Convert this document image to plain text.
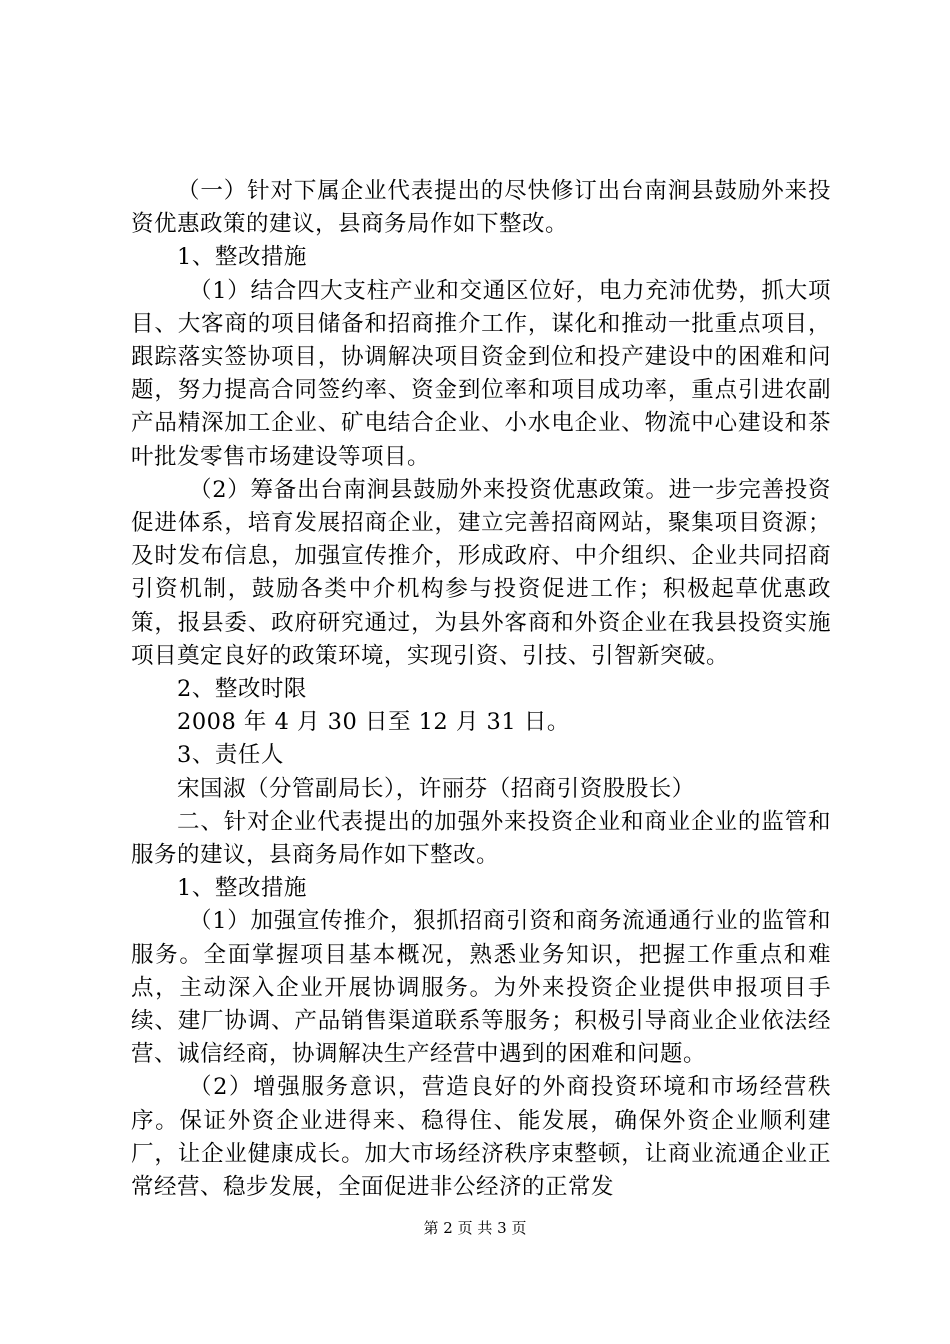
（一）针对下属企业代表提出的尽快修订出台南涧县鼓励外来投资优惠政策的建议，县商务局作如下整改。

1、整改措施

（1）结合四大支柱产业和交通区位好，电力充沛优势，抓大项目、大客商的项目储备和招商推介工作，谋化和推动一批重点项目，跟踪落实签协项目，协调解决项目资金到位和投产建设中的困难和问题，努力提高合同签约率、资金到位率和项目成功率，重点引进农副产品精深加工企业、矿电结合企业、小水电企业、物流中心建设和茶叶批发零售市场建设等项目。

（2）筹备出台南涧县鼓励外来投资优惠政策。进一步完善投资促进体系，培育发展招商企业，建立完善招商网站，聚集项目资源；及时发布信息，加强宣传推介，形成政府、中介组织、企业共同招商引资机制，鼓励各类中介机构参与投资促进工作；积极起草优惠政策，报县委、政府研究通过，为县外客商和外资企业在我县投资实施项目奠定良好的政策环境，实现引资、引技、引智新突破。

2、整改时限

2008 年 4 月 30 日至 12 月 31 日。

3、责任人

宋国淑（分管副局长），许丽芬（招商引资股股长）

二、针对企业代表提出的加强外来投资企业和商业企业的监管和服务的建议，县商务局作如下整改。

1、整改措施

（1）加强宣传推介，狠抓招商引资和商务流通通行业的监管和服务。全面掌握项目基本概况，熟悉业务知识，把握工作重点和难点，主动深入企业开展协调服务。为外来投资企业提供申报项目手续、建厂协调、产品销售渠道联系等服务；积极引导商业企业依法经营、诚信经商，协调解决生产经营中遇到的困难和问题。

（2）增强服务意识，营造良好的外商投资环境和市场经营秩序。保证外资企业进得来、稳得住、能发展，确保外资企业顺利建厂，让企业健康成长。加大市场经济秩序束整顿，让商业流通企业正常经营、稳步发展，全面促进非公经济的正常发

第 2 页 共 3 页
